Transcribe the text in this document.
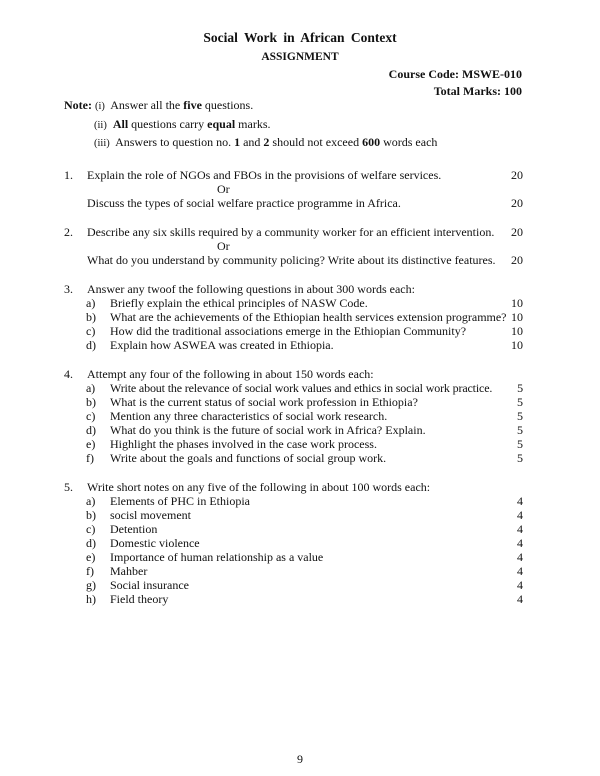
Social Work in African Context
ASSIGNMENT
Course Code: MSWE-010
Total Marks: 100
Note: (i) Answer all the five questions.
(ii) All questions carry equal marks.
(iii) Answers to question no. 1 and 2 should not exceed 600 words each
1. Explain the role of NGOs and FBOs in the provisions of welfare services.	20
Or
Discuss the types of social welfare practice programme in Africa.	20
2. Describe any six skills required by a community worker for an efficient intervention. 20
Or
What do you understand by community policing? Write about its distinctive features. 20
3. Answer any twoof the following questions in about 300 words each:
a) Briefly explain the ethical principles of NASW Code.	10
b) What are the achievements of the Ethiopian health services extension programme? 10
c) How did the traditional associations emerge in the Ethiopian Community?	10
d) Explain how ASWEA was created in Ethiopia.	10
4. Attempt any four of the following in about 150 words each:
a) Write about the relevance of social work values and ethics in social work practice. 5
b) What is the current status of social work profession in Ethiopia?	5
c) Mention any three characteristics of social work research.	5
d) What do you think is the future of social work in Africa? Explain.	5
e) Highlight the phases involved in the case work process.	5
f) Write about the goals and functions of social group work.	5
5. Write short notes on any five of the following in about 100 words each:
a) Elements of PHC in Ethiopia	4
b) socisl movement	4
c) Detention	4
d) Domestic violence	4
e) Importance of human relationship as a value	4
f) Mahber	4
g) Social insurance	4
h) Field theory	4
9
